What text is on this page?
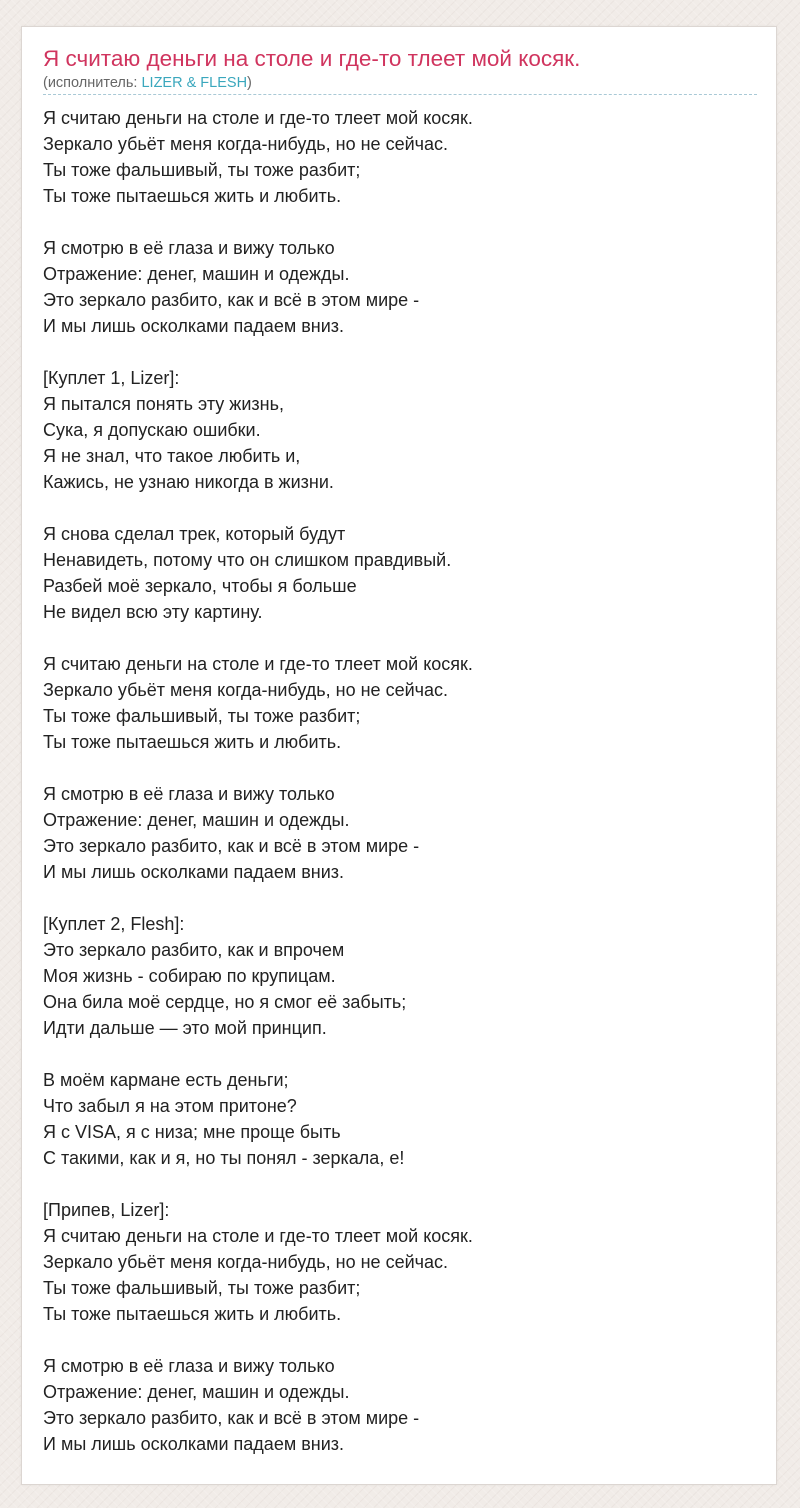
Я считаю деньги на столе и где-то тлеет мой косяк.
(исполнитель: LIZER & FLESH)
Я считаю деньги на столе и где-то тлеет мой косяк.
Зеркало убьёт меня когда-нибудь, но не сейчас.
Ты тоже фальшивый, ты тоже разбит;
Ты тоже пытаешься жить и любить.
Я смотрю в её глаза и вижу только
Отражение: денег, машин и одежды.
Это зеркало разбито, как и всё в этом мире -
И мы лишь осколками падаем вниз.
[Куплет 1, Lizer]:
Я пытался понять эту жизнь,
Сука, я допускаю ошибки.
Я не знал, что такое любить и,
Кажись, не узнаю никогда в жизни.
Я снова сделал трек, который будут
Ненавидеть, потому что он слишком правдивый.
Разбей моё зеркало, чтобы я больше
Не видел всю эту картину.
Я считаю деньги на столе и где-то тлеет мой косяк.
Зеркало убьёт меня когда-нибудь, но не сейчас.
Ты тоже фальшивый, ты тоже разбит;
Ты тоже пытаешься жить и любить.
Я смотрю в её глаза и вижу только
Отражение: денег, машин и одежды.
Это зеркало разбито, как и всё в этом мире -
И мы лишь осколками падаем вниз.
[Куплет 2, Flesh]:
Это зеркало разбито, как и впрочем
Моя жизнь - собираю по крупицам.
Она била моё сердце, но я смог её забыть;
Идти дальше — это мой принцип.
В моём кармане есть деньги;
Что забыл я на этом притоне?
Я с VISA, я с низа; мне проще быть
С такими, как и я, но ты понял - зеркала, е!
[Припев, Lizer]:
Я считаю деньги на столе и где-то тлеет мой косяк.
Зеркало убьёт меня когда-нибудь, но не сейчас.
Ты тоже фальшивый, ты тоже разбит;
Ты тоже пытаешься жить и любить.
Я смотрю в её глаза и вижу только
Отражение: денег, машин и одежды.
Это зеркало разбито, как и всё в этом мире -
И мы лишь осколками падаем вниз.
